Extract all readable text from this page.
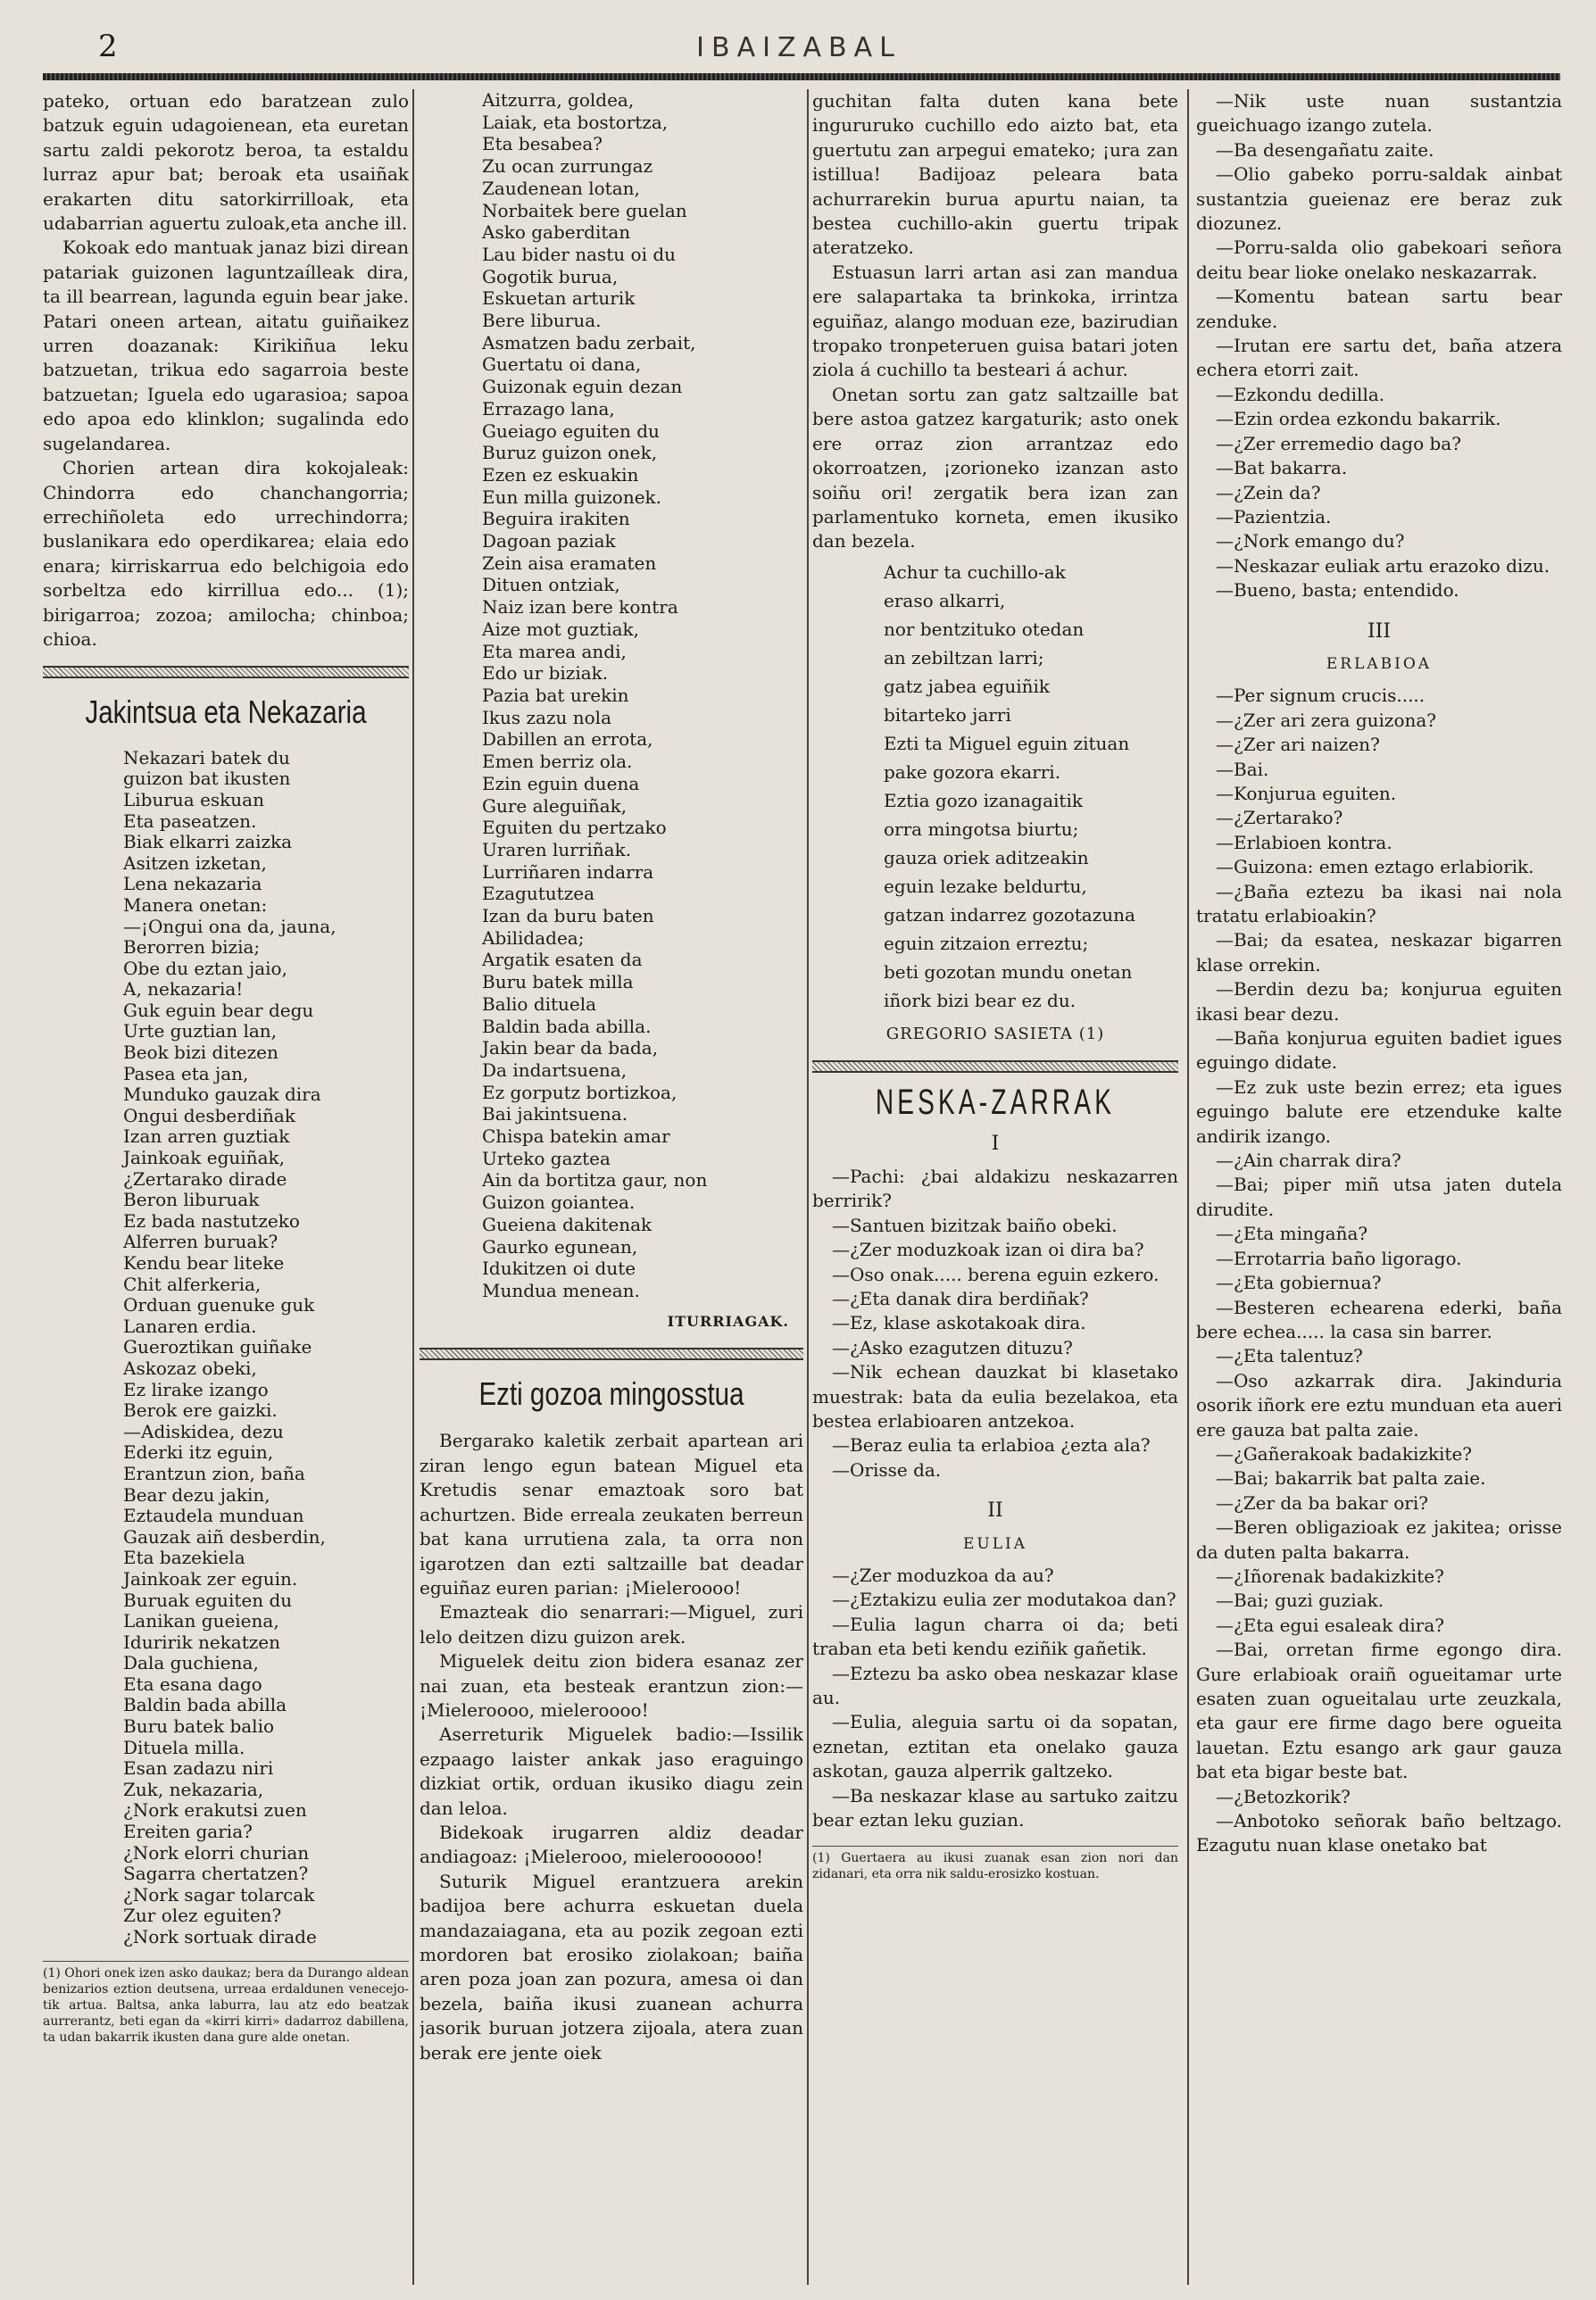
2	IBAIZABAL

pateko, ortuan edo baratzean zulo batzuk eguin udagoienean, eta euretan sartu zaldi pekorotz beroa, ta estaldu lurraz apur bat; beroak eta usaiñak erakarten ditu satorkirrilloak, eta udabarrian aguertu zuloak,eta anche ill.

Kokoak edo mantuak janaz bizi direan patariak guizonen laguntzaílleak dira, ta ill bearrean, lagunda eguin bear jake. Patari oneen artean, aitatu guiñaikez urren doazanak: Kirikiñua leku batzuetan, trikua edo sagarroia beste batzuetan; Iguela edo ugarasioa; sapoa edo apoa edo klinklon; sugalinda edo sugelandarea.

Chorien artean dira kokojaleak: Chindorra edo chanchangorria; errechiñoleta edo urrechindorra; buslanikara edo operdikarea; elaia edo enara; kirriskarrua edo belchigoia edo sorbeltza edo kirrillua edo... (1); birigarroa; zozoa; amilocha; chinboa; chioa.

Jakintsua eta Nekazaria
Nekazari batek du
guizon bat ikusten
Liburua eskuan
Eta paseatzen.
Biak elkarri zaizka
Asitzen izketan,
Lena nekazaria
Manera onetan:
—¡Ongui ona da, jauna,
Berorren bizia;
Obe du eztan jaio,
A, nekazaria!
Guk eguin bear degu
Urte guztian lan,
Beok bizi ditezen
Pasea eta jan,
Munduko gauzak dira
Ongui desberdiñak
Izan arren guztiak
Jainkoak eguiñak,
¿Zertarako dirade
Beron liburuak
Ez bada nastutzeko
Alferren buruak?
Kendu bear liteke
Chit alferkeria,
Orduan guenuke guk
Lanaren erdia.
Gueroztikan guiñake
Askozaz obeki,
Ez lirake izango
Berok ere gaizki.
—Adiskidea, dezu
Ederki itz eguin,
Erantzun zion, baña
Bear dezu jakin,
Eztaudela munduan
Gauzak aiñ desberdin,
Eta bazekiela
Jainkoak zer eguin.
Buruak eguiten du
Lanikan gueiena,
Iduririk nekatzen
Dala guchiena,
Eta esana dago
Baldin bada abilla
Buru batek balio
Dituela milla.
Esan zadazu niri
Zuk, nekazaria,
¿Nork erakutsi zuen
Ereiten garia?
¿Nork elorri churian
Sagarra chertatzen?
¿Nork sagar tolarcak
Zur olez eguiten?
¿Nork sortuak dirade
(1) Ohori onek izen asko daukaz; bera da Durango aldean benizarios eztion deutsena, urreaa erdaldunen venecejo-tik artua. Baltsa, anka laburra, lau atz edo beatzak aurrerantz, beti egan da «kirri kirri» dadarroz dabillena, ta udan bakarrik ikusten dana gure alde onetan.
Aitzurra, goldea,
Laiak, eta bostortza,
Eta besabea?
Zu ocan zurrungaz
Zaudenean lotan,
Norbaitek bere guelan
Asko gaberditan
Lau bider nastu oi du
Gogotik burua,
Eskuetan arturik
Bere liburua.
Asmatzen badu zerbait,
Guertatu oi dana,
Guizonak eguin dezan
Errazago lana,
Gueiago eguiten du
Buruz guizon onek,
Ezen ez eskuakin
Eun milla guizonek.
Beguira irakiten
Dagoan paziak
Zein aisa eramaten
Dituen ontziak,
Naiz izan bere kontra
Aize mot guztiak,
Eta marea andi,
Edo ur biziak.
Pazia bat urekin
Ikus zazu nola
Dabillen an errota,
Emen berriz ola.
Ezin eguin duena
Gure aleguiñak,
Eguiten du pertzako
Uraren lurriñak.
Lurriñaren indarra
Ezagututzea
Izan da buru baten
Abilidadea;
Argatik esaten da
Buru batek milla
Balio dituela
Baldin bada abilla.
Jakin bear da bada,
Da indartsuena,
Ez gorputz bortizkoa,
Bai jakintsuena.
Chispa batekin amar
Urteko gaztea
Ain da bortitza gaur, non
Guizon goiantea.
Gueiena dakitenak
Gaurko egunean,
Idukitzen oi dute
Mundua menean.
ITURRIAGAK.
Ezti gozoa mingosstua

Bergarako kaletik zerbait apartean ari ziran lengo egun batean Miguel eta Kretudis senar emaztoak soro bat achurtzen. Bide erreala zeukaten berreun bat kana urrutiena zala, ta orra non igarotzen dan ezti saltzaille bat deadar eguiñaz euren parian: ¡Mieleroooo!

Emazteak dio senarrari:—Miguel, zuri lelo deitzen dizu guizon arek.

Miguelek deitu zion bidera esanaz zer nai zuan, eta besteak erantzun zion:—¡Mieleroooo, mieleroooo!

Aserreturik Miguelek badio:—Issilik ezpaago laister ankak jaso eraguingo dizkiat ortik, orduan ikusiko diagu zein dan leloa.

Bidekoak irugarren aldiz deadar andiagoaz: ¡Mielerooo, mieleroooooo!

Suturik Miguel erantzuera arekin badijoa bere achurra eskuetan duela mandazaiagana, eta au pozik zegoan ezti mordoren bat erosiko ziolakoan; baiña aren poza joan zan pozura, amesa oi dan bezela, baiña ikusi zuanean achurra jasorik buruan jotzera zijoala, atera zuan berak ere jente oiek

guchitan falta duten kana bete ingururuko cuchillo edo aizto bat, eta guertutu zan arpegui emateko; ¡ura zan istillua! Badijoaz peleara bata achurrarekin burua apurtu naian, ta bestea cuchillo-akin guertu tripak ateratzeko.

Estuasun larri artan asi zan mandua ere salapartaka ta brinkoka, irrintza eguiñaz, alango moduan eze, bazirudian tropako tronpeteruen guisa batari joten ziola á cuchillo ta besteari á achur.

Onetan sortu zan gatz saltzaille bat bere astoa gatzez kargaturik; asto onek ere orraz zion arrantzaz edo okorroatzen, ¡zorioneko izanzan asto soiñu ori! zergatik bera izan zan parlamentuko korneta, emen ikusiko dan bezela.

Achur ta cuchillo-ak
eraso alkarri,
nor bentzituko otedan
an zebiltzan larri;
gatz jabea eguiñik
bitarteko jarri
Ezti ta Miguel eguin zituan
pake gozora ekarri.
Eztia gozo izanagaitik
orra mingotsa biurtu;
gauza oriek aditzeakin
eguin lezake beldurtu,
gatzan indarrez gozotazuna
eguin zitzaion erreztu;
beti gozotan mundu onetan
iñork bizi bear ez du.
GREGORIO SASIETA (1)
NESKA-ZARRAK
I

—Pachi: ¿bai aldakizu neskazarren berririk?

—Santuen bizitzak baiño obeki.

—¿Zer moduzkoak izan oi dira ba?

—Oso onak..... berena eguin ezkero.

—¿Eta danak dira berdiñak?

—Ez, klase askotakoak dira.

—¿Asko ezagutzen dituzu?

—Nik echean dauzkat bi klasetako muestrak: bata da eulia bezelakoa, eta bestea erlabioaren antzekoa.

—Beraz eulia ta erlabioa ¿ezta ala?

—Orisse da.

II
EULIA

—¿Zer moduzkoa da au?

—¿Eztakizu eulia zer modutakoa dan?

—Eulia lagun charra oi da; beti traban eta beti kendu eziñik gañetik.

—Eztezu ba asko obea neskazar klase au.

—Eulia, aleguia sartu oi da sopatan, eznetan, eztitan eta onelako gauza askotan, gauza alperrik galtzeko.

—Ba neskazar klase au sartuko zaitzu bear eztan leku guzian.

(1) Guertaera au ikusi zuanak esan zion nori dan zidanari, eta orra nik saldu-erosizko kostuan.

—Nik uste nuan sustantzia gueichuago izango zutela.

—Ba desengañatu zaite.

—Olio gabeko porru-saldak ainbat sustantzia gueienaz ere beraz zuk diozunez.

—Porru-salda olio gabekoari señora deitu bear lioke onelako neskazarrak.

—Komentu batean sartu bear zenduke.

—Irutan ere sartu det, baña atzera echera etorri zait.

—Ezkondu dedilla.

—Ezin ordea ezkondu bakarrik.

—¿Zer erremedio dago ba?

—Bat bakarra.

—¿Zein da?

—Pazientzia.

—¿Nork emango du?

—Neskazar euliak artu erazoko dizu.

—Bueno, basta; entendido.

III
ERLABIOA

—Per signum crucis.....

—¿Zer ari zera guizona?

—¿Zer ari naizen?

—Bai.

—Konjurua eguiten.

—¿Zertarako?

—Erlabioen kontra.

—Guizona: emen eztago erlabiorik.

—¿Baña eztezu ba ikasi nai nola tratatu erlabioakin?

—Bai; da esatea, neskazar bigarren klase orrekin.

—Berdin dezu ba; konjurua eguiten ikasi bear dezu.

—Baña konjurua eguiten badiet igues eguingo didate.

—Ez zuk uste bezin errez; eta igues eguingo balute ere etzenduke kalte andirik izango.

—¿Ain charrak dira?

—Bai; piper miñ utsa jaten dutela dirudite.

—¿Eta mingaña?

—Errotarria baño ligorago.

—¿Eta gobiernua?

—Besteren echearena ederki, baña bere echea..... la casa sin barrer.

—¿Eta talentuz?

—Oso azkarrak dira. Jakinduria osorik iñork ere eztu munduan eta aueri ere gauza bat palta zaie.

—¿Gañerakoak badakizkite?

—Bai; bakarrik bat palta zaie.

—¿Zer da ba bakar ori?

—Beren obligazioak ez jakitea; orisse da duten palta bakarra.

—¿Iñorenak badakizkite?

—Bai; guzi guziak.

—¿Eta egui esaleak dira?

—Bai, orretan firme egongo dira. Gure erlabioak oraiñ ogueitamar urte esaten zuan ogueitalau urte zeuzkala, eta gaur ere firme dago bere ogueita lauetan. Eztu esango ark gaur gauza bat eta bigar beste bat.

—¿Betozkorik?

—Anbotoko señorak baño beltzago. Ezagutu nuan klase onetako bat
